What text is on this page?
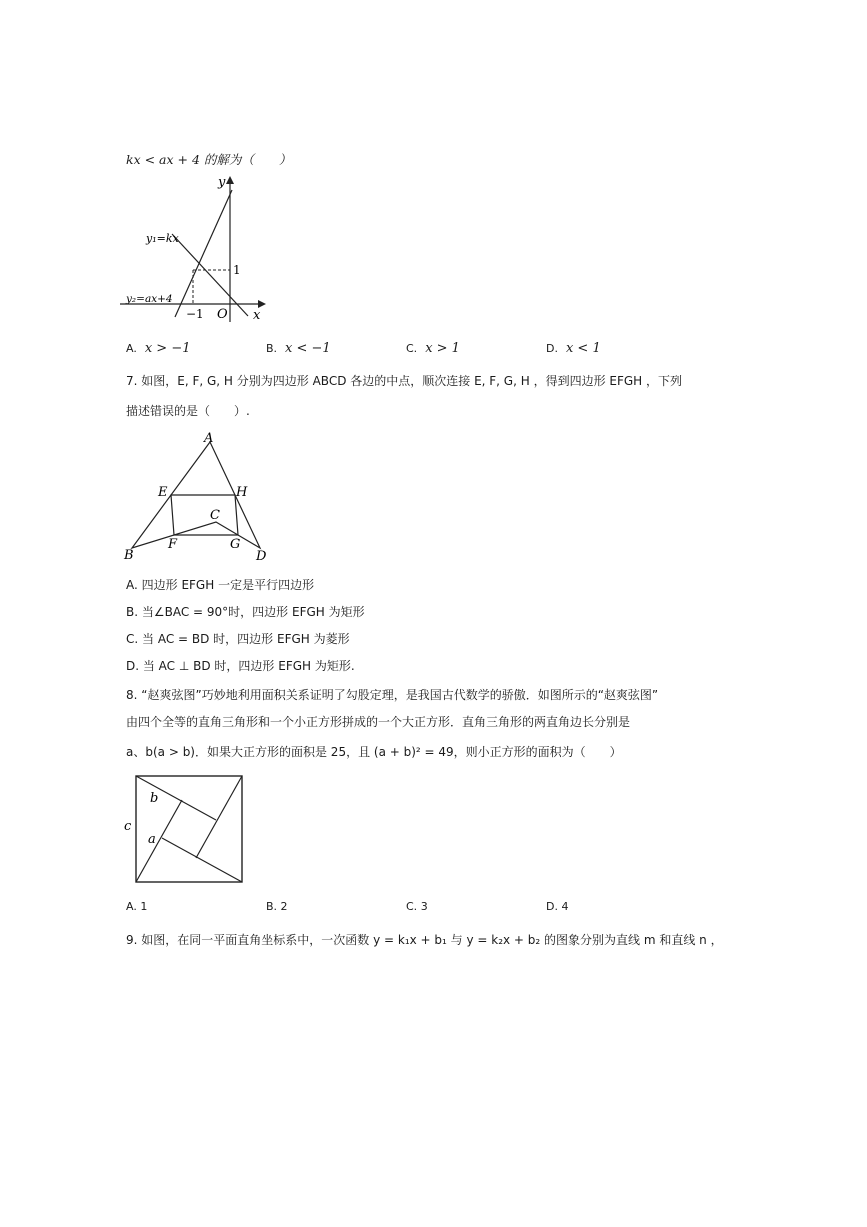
kx < ax + 4 的解为（　　）
y
x
O
−1
1
y₁=kx
y₂=ax+4
A. x > −1	B. x < −1	C. x > 1	D. x < 1
7. 如图，E, F, G, H 分别为四边形 ABCD 各边的中点，顺次连接 E, F, G, H ，得到四边形 EFGH ，下列
描述错误的是（　　）.
A
B
C
D
E
F	G
H
A. 四边形 EFGH 一定是平行四边形
B. 当∠BAC = 90°时，四边形 EFGH 为矩形
C. 当 AC = BD 时，四边形 EFGH 为菱形
D. 当 AC ⊥ BD 时，四边形 EFGH 为矩形.
8. “赵爽弦图”巧妙地利用面积关系证明了勾股定理，是我国古代数学的骄傲．如图所示的“赵爽弦图”
由四个全等的直角三角形和一个小正方形拼成的一个大正方形．直角三角形的两直角边长分别是
a、b(a > b)．如果大正方形的面积是 25，且 (a + b)² = 49，则小正方形的面积为（　　）
b
c
a
A. 1	B. 2	C. 3	D. 4
9. 如图，在同一平面直角坐标系中，一次函数 y = k₁x + b₁ 与 y = k₂x + b₂ 的图象分别为直线 m 和直线 n ，
